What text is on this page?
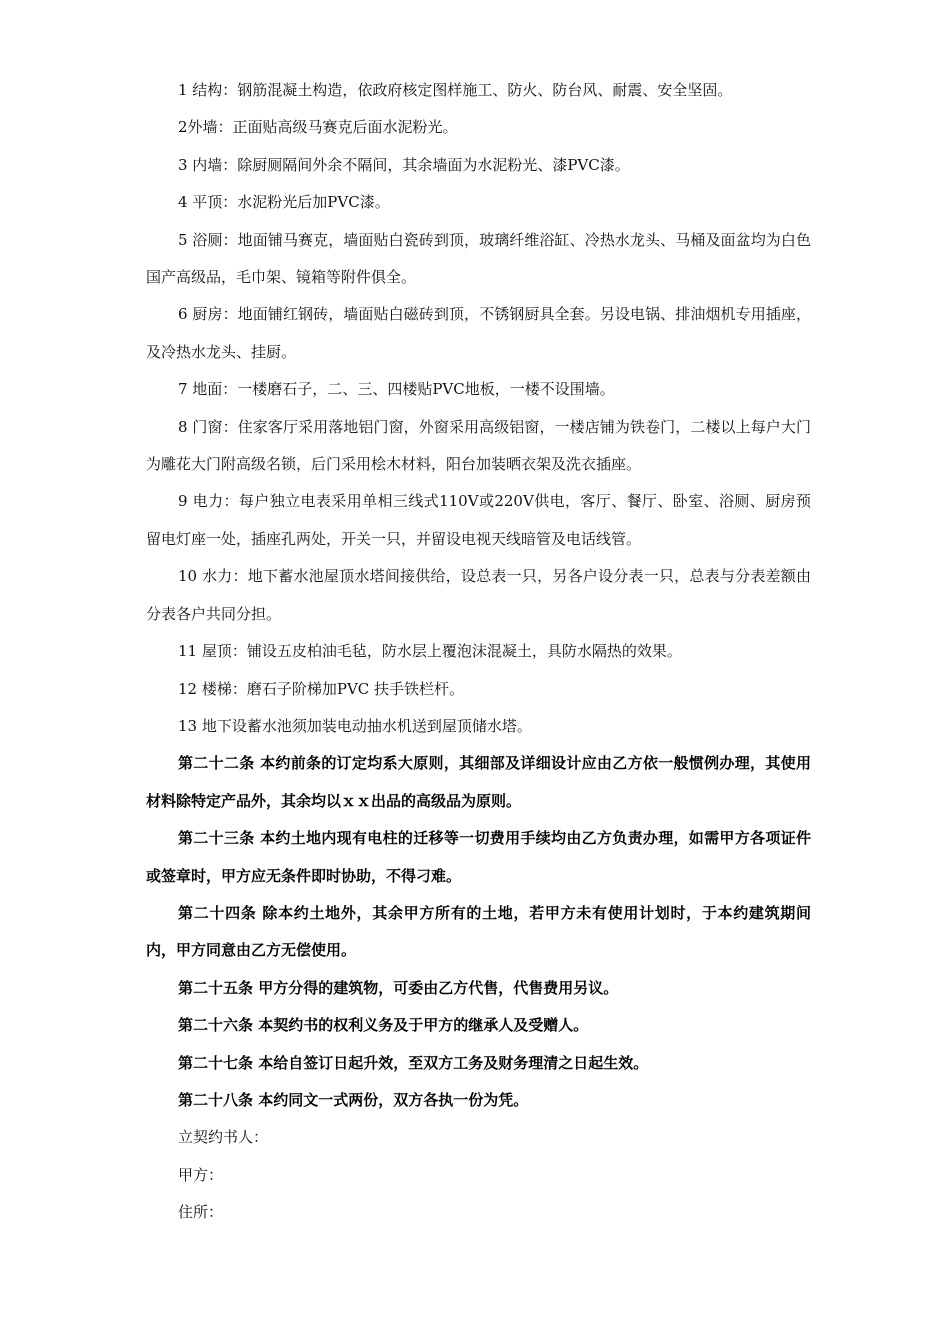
1 结构：钢筋混凝土构造，依政府核定图样施工、防火、防台风、耐震、安全坚固。

2外墙：正面贴高级马赛克后面水泥粉光。

3 内墙：除厨厕隔间外余不隔间，其余墙面为水泥粉光、漆PVC漆。

4 平顶：水泥粉光后加PVC漆。

5 浴厕：地面铺马赛克，墙面贴白瓷砖到顶，玻璃纤维浴缸、冷热水龙头、马桶及面盆均为白色国产高级品，毛巾架、镜箱等附件俱全。

6 厨房：地面铺红钢砖，墙面贴白磁砖到顶，不锈钢厨具全套。另设电锅、排油烟机专用插座，及冷热水龙头、挂厨。

7 地面：一楼磨石子，二、三、四楼贴PVC地板，一楼不设围墙。

8 门窗：住家客厅采用落地铝门窗，外窗采用高级铝窗，一楼店铺为铁卷门，二楼以上每户大门为雕花大门附高级名锁，后门采用桧木材料，阳台加装晒衣架及洗衣插座。

9 电力：每户独立电表采用单相三线式110V或220V供电，客厅、餐厅、卧室、浴厕、厨房预留电灯座一处，插座孔两处，开关一只，并留设电视天线暗管及电话线管。

10 水力：地下蓄水池屋顶水塔间接供给，设总表一只，另各户设分表一只，总表与分表差额由分表各户共同分担。

11 屋顶：铺设五皮柏油毛毡，防水层上覆泡沫混凝土，具防水隔热的效果。

12 楼梯：磨石子阶梯加PVC 扶手铁栏杆。

13 地下设蓄水池须加装电动抽水机送到屋顶储水塔。

第二十二条 本约前条的订定均系大原则，其细部及详细设计应由乙方依一般惯例办理，其使用材料除特定产品外，其余均以ｘｘ出品的高级品为原则。

第二十三条 本约土地内现有电柱的迁移等一切费用手续均由乙方负责办理，如需甲方各项证件或签章时，甲方应无条件即时协助，不得刁难。

第二十四条 除本约土地外，其余甲方所有的土地，若甲方未有使用计划时，于本约建筑期间内，甲方同意由乙方无偿使用。

第二十五条 甲方分得的建筑物，可委由乙方代售，代售费用另议。

第二十六条 本契约书的权利义务及于甲方的继承人及受赠人。

第二十七条 本给自签订日起升效，至双方工务及财务理清之日起生效。

第二十八条 本约同文一式两份，双方各执一份为凭。

立契约书人：

甲方：

住所：
